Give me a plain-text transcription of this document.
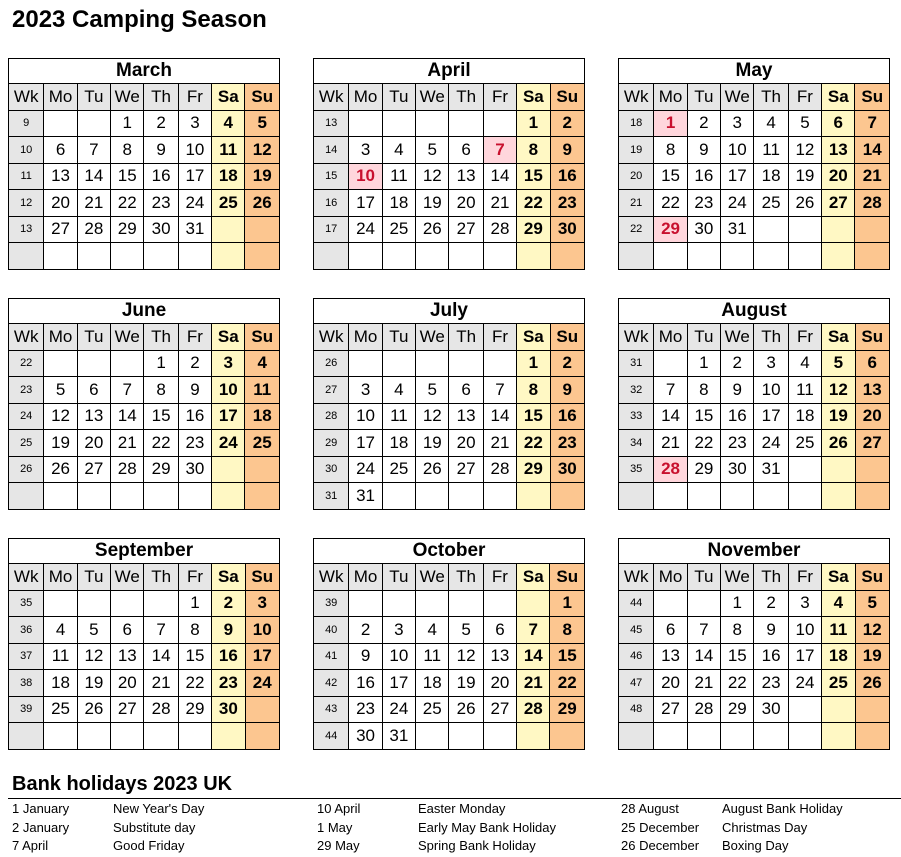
2023 Camping Season
March							
Wk	Mo	Tu	We	Th	Fr	Sa	Su
9			1	2	3	4	5
10	6	7	8	9	10	11	12
11	13	14	15	16	17	18	19
12	20	21	22	23	24	25	26
13	27	28	29	30	31		

April							
Wk	Mo	Tu	We	Th	Fr	Sa	Su
13						1	2
14	3	4	5	6	7	8	9
15	10	11	12	13	14	15	16
16	17	18	19	20	21	22	23
17	24	25	26	27	28	29	30

May							
Wk	Mo	Tu	We	Th	Fr	Sa	Su
18	1	2	3	4	5	6	7
19	8	9	10	11	12	13	14
20	15	16	17	18	19	20	21
21	22	23	24	25	26	27	28
22	29	30	31				

June							
Wk	Mo	Tu	We	Th	Fr	Sa	Su
22				1	2	3	4
23	5	6	7	8	9	10	11
24	12	13	14	15	16	17	18
25	19	20	21	22	23	24	25
26	26	27	28	29	30		

July							
Wk	Mo	Tu	We	Th	Fr	Sa	Su
26						1	2
27	3	4	5	6	7	8	9
28	10	11	12	13	14	15	16
29	17	18	19	20	21	22	23
30	24	25	26	27	28	29	30
31	31						
August							
Wk	Mo	Tu	We	Th	Fr	Sa	Su
31		1	2	3	4	5	6
32	7	8	9	10	11	12	13
33	14	15	16	17	18	19	20
34	21	22	23	24	25	26	27
35	28	29	30	31			

September							
Wk	Mo	Tu	We	Th	Fr	Sa	Su
35					1	2	3
36	4	5	6	7	8	9	10
37	11	12	13	14	15	16	17
38	18	19	20	21	22	23	24
39	25	26	27	28	29	30	

October							
Wk	Mo	Tu	We	Th	Fr	Sa	Su
39							1
40	2	3	4	5	6	7	8
41	9	10	11	12	13	14	15
42	16	17	18	19	20	21	22
43	23	24	25	26	27	28	29
44	30	31					
November							
Wk	Mo	Tu	We	Th	Fr	Sa	Su
44			1	2	3	4	5
45	6	7	8	9	10	11	12
46	13	14	15	16	17	18	19
47	20	21	22	23	24	25	26
48	27	28	29	30			

Bank holidays 2023 UK
1 January	New Year's Day
2 January	Substitute day
7 April	Good Friday
10 April	Easter Monday
1 May	Early May Bank Holiday
29 May	Spring Bank Holiday
28 August	August Bank Holiday
25 December Christmas Day
26 December Boxing Day
